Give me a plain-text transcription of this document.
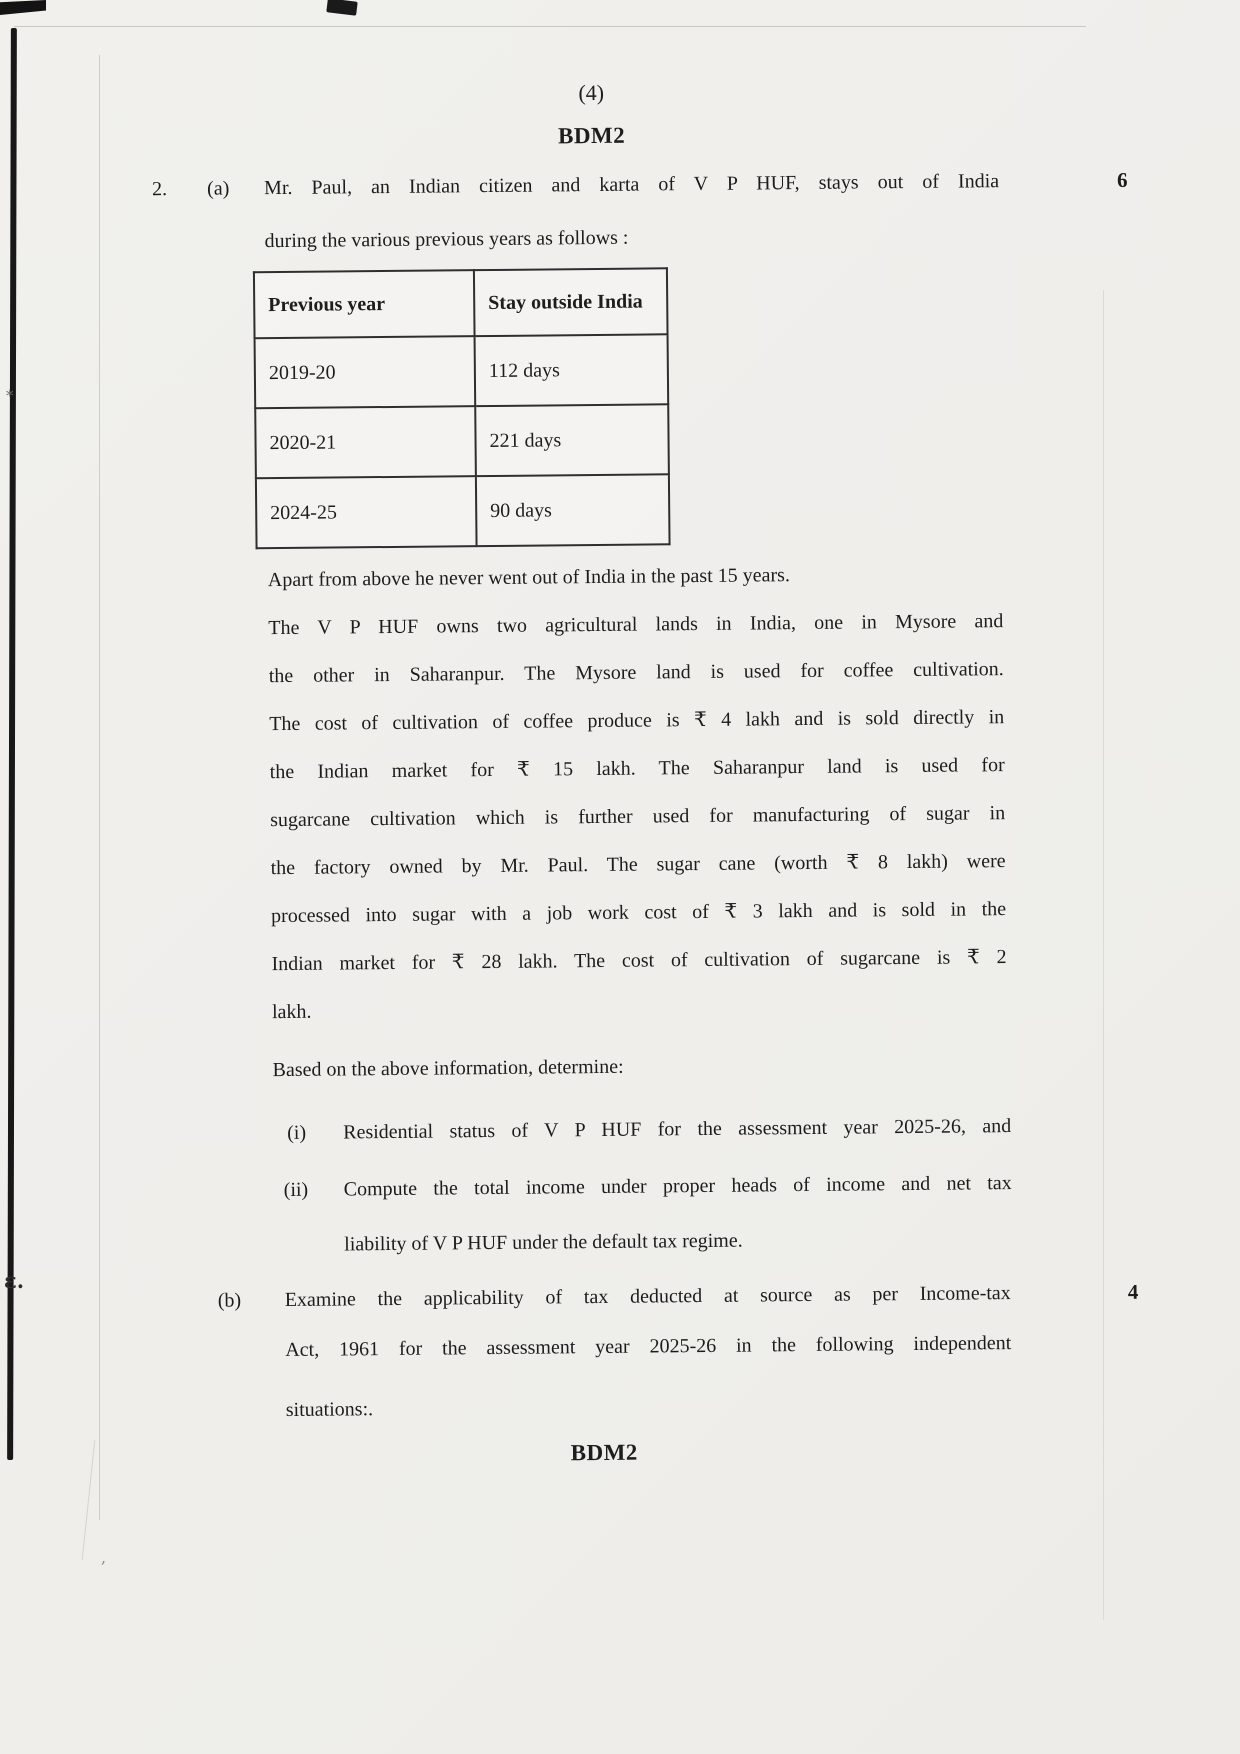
ɛ.
⁎
,
(4)
BDM2
2. (a)	6
Mr. Paul, an Indian citizen and karta of V P HUF, stays out of India
during the various previous years as follows :
Previous year	Stay outside India
2019-20	112 days
2020-21	221 days
2024-25	90 days
Apart from above he never went out of India in the past 15 years.
The V P HUF owns two agricultural lands in India, one in Mysore and
the other in Saharanpur. The Mysore land is used for coffee cultivation.
The cost of cultivation of coffee produce is ₹ 4 lakh and is sold directly in
the Indian market for ₹ 15 lakh. The Saharanpur land is used for
sugarcane cultivation which is further used for manufacturing of sugar in
the factory owned by Mr. Paul. The sugar cane (worth ₹ 8 lakh) were
processed into sugar with a job work cost of ₹ 3 lakh and is sold in the
Indian market for ₹ 28 lakh. The cost of cultivation of sugarcane is ₹ 2
lakh.
Based on the above information, determine:
(i) Residential status of V P HUF for the assessment year 2025-26, and
(ii) Compute the total income under proper heads of income and net tax
liability of V P HUF under the default tax regime.
(b)	4
Examine the applicability of tax deducted at source as per Income-tax
Act, 1961 for the assessment year 2025-26 in the following independent
situations:.
BDM2
